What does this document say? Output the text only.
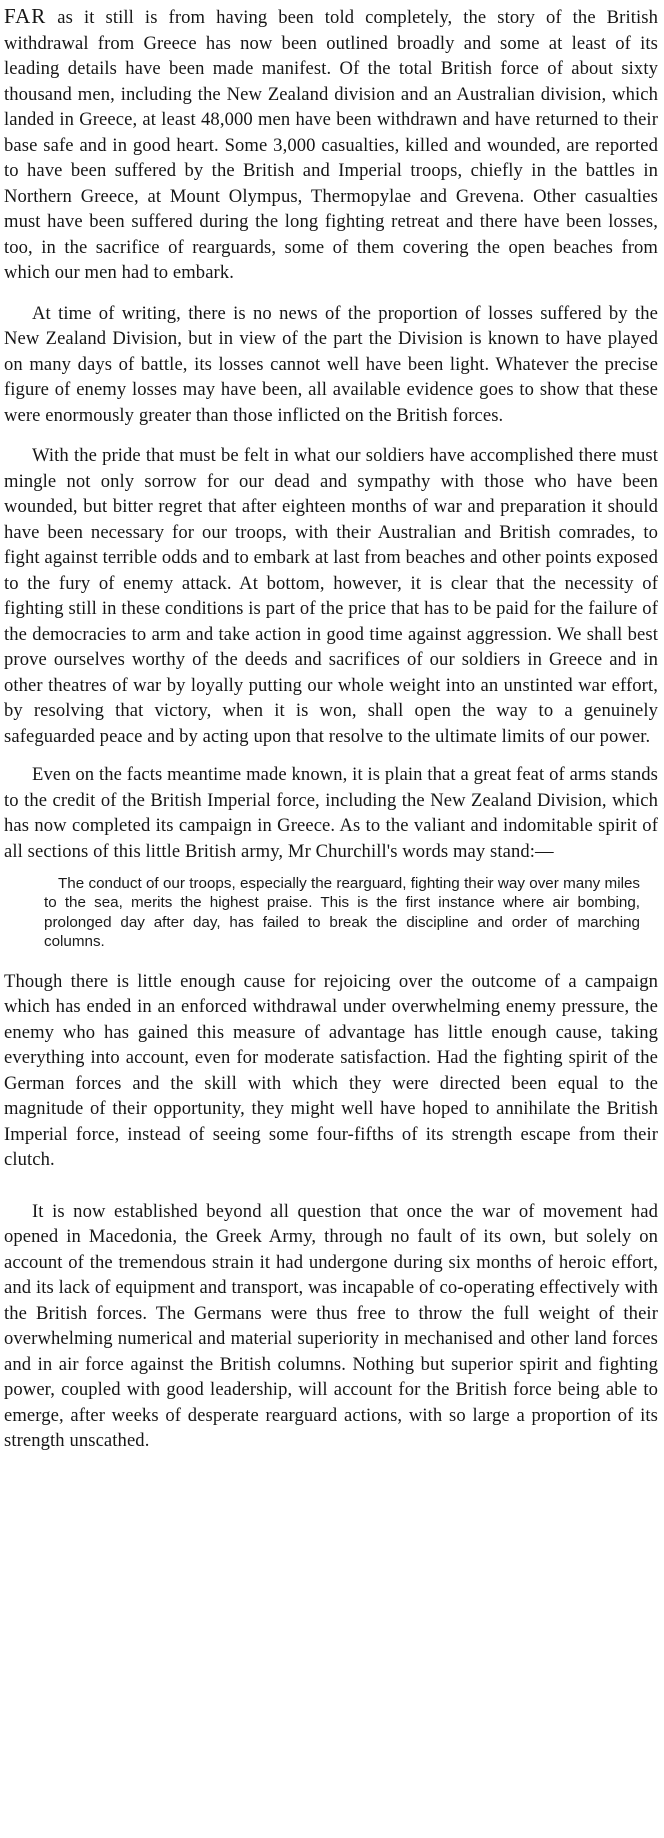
FAR as it still is from having been told completely, the story of the British withdrawal from Greece has now been outlined broadly and some at least of its leading details have been made manifest. Of the total British force of about sixty thousand men, including the New Zealand division and an Australian division, which landed in Greece, at least 48,000 men have been withdrawn and have returned to their base safe and in good heart. Some 3,000 casualties, killed and wounded, are reported to have been suffered by the British and Imperial troops, chiefly in the battles in Northern Greece, at Mount Olympus, Thermopylae and Grevena. Other casualties must have been suffered during the long fighting retreat and there have been losses, too, in the sacrifice of rearguards, some of them covering the open beaches from which our men had to embark.

At time of writing, there is no news of the proportion of losses suffered by the New Zealand Division, but in view of the part the Division is known to have played on many days of battle, its losses cannot well have been light. Whatever the precise figure of enemy losses may have been, all available evidence goes to show that these were enormously greater than those inflicted on the British forces.

With the pride that must be felt in what our soldiers have accomplished there must mingle not only sorrow for our dead and sympathy with those who have been wounded, but bitter regret that after eighteen months of war and preparation it should have been necessary for our troops, with their Australian and British comrades, to fight against terrible odds and to embark at last from beaches and other points exposed to the fury of enemy attack. At bottom, however, it is clear that the necessity of fighting still in these conditions is part of the price that has to be paid for the failure of the democracies to arm and take action in good time against aggression. We shall best prove ourselves worthy of the deeds and sacrifices of our soldiers in Greece and in other theatres of war by loyally putting our whole weight into an unstinted war effort, by resolving that victory, when it is won, shall open the way to a genuinely safeguarded peace and by acting upon that resolve to the ultimate limits of our power.

Even on the facts meantime made known, it is plain that a great feat of arms stands to the credit of the British Imperial force, including the New Zealand Division, which has now completed its campaign in Greece. As to the valiant and indomitable spirit of all sections of this little British army, Mr Churchill's words may stand:—

The conduct of our troops, especially the rearguard, fighting their way over many miles to the sea, merits the highest praise. This is the first instance where air bombing, prolonged day after day, has failed to break the discipline and order of marching columns.

Though there is little enough cause for rejoicing over the outcome of a campaign which has ended in an enforced withdrawal under overwhelming enemy pressure, the enemy who has gained this measure of advantage has little enough cause, taking everything into account, even for moderate satisfaction. Had the fighting spirit of the German forces and the skill with which they were directed been equal to the magnitude of their opportunity, they might well have hoped to annihilate the British Imperial force, instead of seeing some four-fifths of its strength escape from their clutch.

It is now established beyond all question that once the war of movement had opened in Macedonia, the Greek Army, through no fault of its own, but solely on account of the tremendous strain it had undergone during six months of heroic effort, and its lack of equipment and transport, was incapable of co-operating effectively with the British forces. The Germans were thus free to throw the full weight of their overwhelming numerical and material superiority in mechanised and other land forces and in air force against the British columns. Nothing but superior spirit and fighting power, coupled with good leadership, will account for the British force being able to emerge, after weeks of desperate rearguard actions, with so large a proportion of its strength unscathed.
